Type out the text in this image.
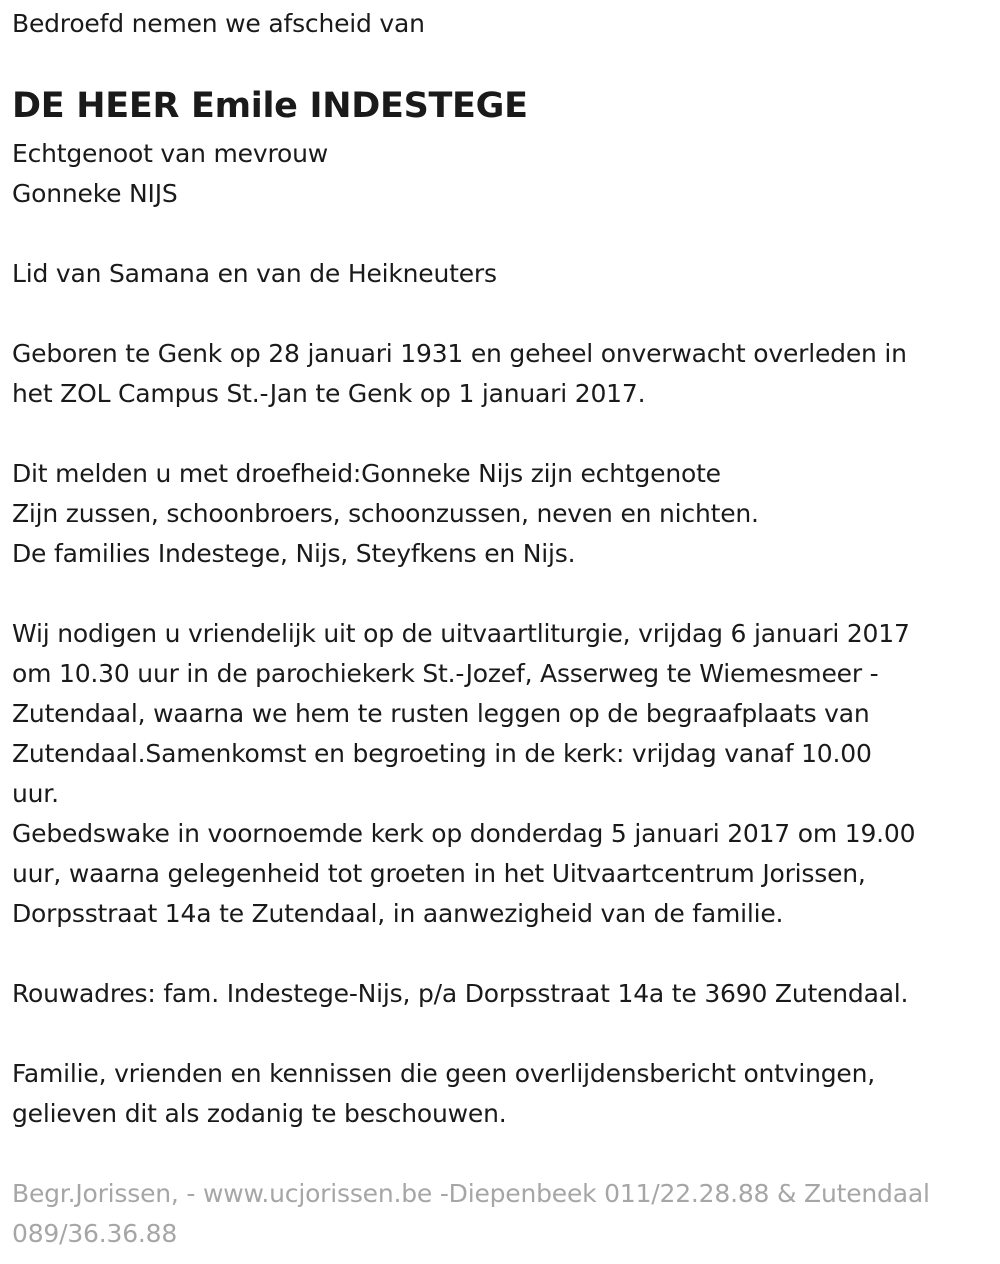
Bedroefd nemen we afscheid van
DE HEER Emile INDESTEGE
Echtgenoot van mevrouw
Gonneke NIJS
Lid van Samana en van de Heikneuters
Geboren te Genk op 28 januari 1931 en geheel onverwacht overleden in
het ZOL Campus St.-Jan te Genk op 1 januari 2017.
Dit melden u met droefheid:Gonneke Nijs zijn echtgenote
Zijn zussen, schoonbroers, schoonzussen, neven en nichten.
De families Indestege, Nijs, Steyfkens en Nijs.
Wij nodigen u vriendelijk uit op de uitvaartliturgie, vrijdag 6 januari 2017
om 10.30 uur in de parochiekerk St.-Jozef, Asserweg te Wiemesmeer -
Zutendaal, waarna we hem te rusten leggen op de begraafplaats van
Zutendaal.Samenkomst en begroeting in de kerk: vrijdag vanaf 10.00
uur.
Gebedswake in voornoemde kerk op donderdag 5 januari 2017 om 19.00
uur, waarna gelegenheid tot groeten in het Uitvaartcentrum Jorissen,
Dorpsstraat 14a te Zutendaal, in aanwezigheid van de familie.
Rouwadres: fam. Indestege-Nijs, p/a Dorpsstraat 14a te 3690 Zutendaal.
Familie, vrienden en kennissen die geen overlijdensbericht ontvingen,
gelieven dit als zodanig te beschouwen.
Begr.Jorissen, - www.ucjorissen.be -Diepenbeek 011/22.28.88 & Zutendaal
089/36.36.88
